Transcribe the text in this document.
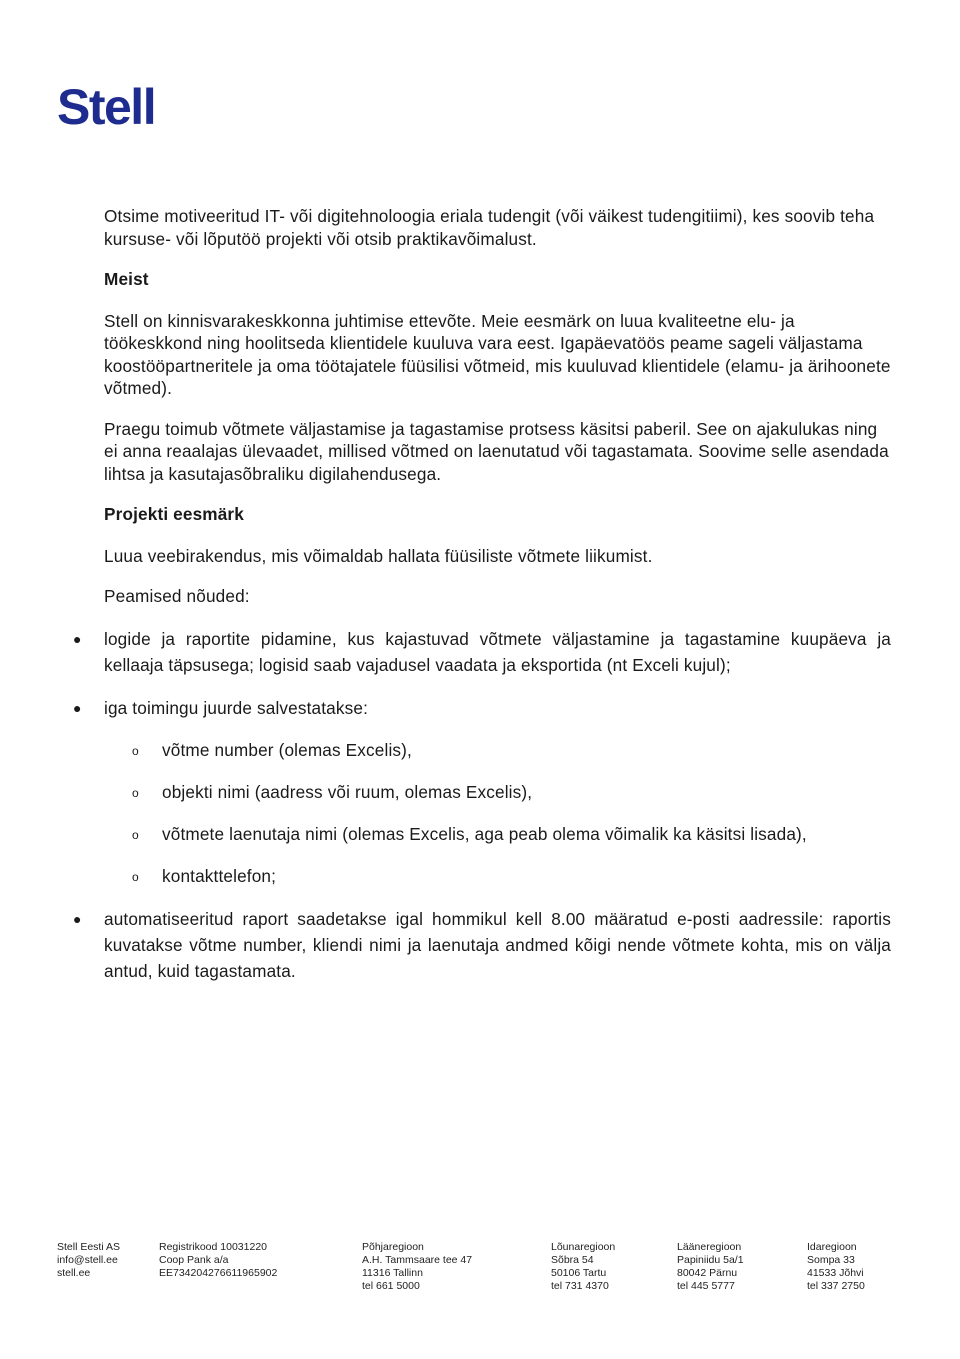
Stell

Otsime motiveeritud IT- või digitehnoloogia eriala tudengit (või väikest tudengitiimi), kes soovib teha kursuse- või lõputöö projekti või otsib praktikavõimalust.

Meist

Stell on kinnisvarakeskkonna juhtimise ettevõte. Meie eesmärk on luua kvaliteetne elu- ja töökeskkond ning hoolitseda klientidele kuuluva vara eest. Igapäevatöös peame sageli väljastama koostööpartneritele ja oma töötajatele füüsilisi võtmeid, mis kuuluvad klientidele (elamu- ja ärihoonete võtmed).

Praegu toimub võtmete väljastamise ja tagastamise protsess käsitsi paberil. See on ajakulukas ning ei anna reaalajas ülevaadet, millised võtmed on laenutatud või tagastamata. Soovime selle asendada lihtsa ja kasutajasõbraliku digilahendusega.

Projekti eesmärk

Luua veebirakendus, mis võimaldab hallata füüsiliste võtmete liikumist.

Peamised nõuded:

● logide ja raportite pidamine, kus kajastuvad võtmete väljastamine ja tagastamine kuupäeva ja kellaaja täpsusega; logisid saab vajadusel vaadata ja eksportida (nt Exceli kujul);
● iga toimingu juurde salvestatakse:
o võtme number (olemas Excelis),
o objekti nimi (aadress või ruum, olemas Excelis),
o võtmete laenutaja nimi (olemas Excelis, aga peab olema võimalik ka käsitsi lisada),
o kontakttelefon;
● automatiseeritud raport saadetakse igal hommikul kell 8.00 määratud e-posti aadressile: raportis kuvatakse võtme number, kliendi nimi ja laenutaja andmed kõigi nende võtmete kohta, mis on välja antud, kuid tagastamata.
Stell Eesti AS
info@stell.ee
stell.ee
Registrikood 10031220
Coop Pank a/a
EE734204276611965902
Põhjaregioon
A.H. Tammsaare tee 47
11316 Tallinn
tel 661 5000
Lõunaregioon
Sõbra 54
50106 Tartu
tel 731 4370
Lääneregioon
Papiniidu 5a/1
80042 Pärnu
tel 445 5777
Idaregioon
Sompa 33
41533 Jõhvi
tel 337 2750
